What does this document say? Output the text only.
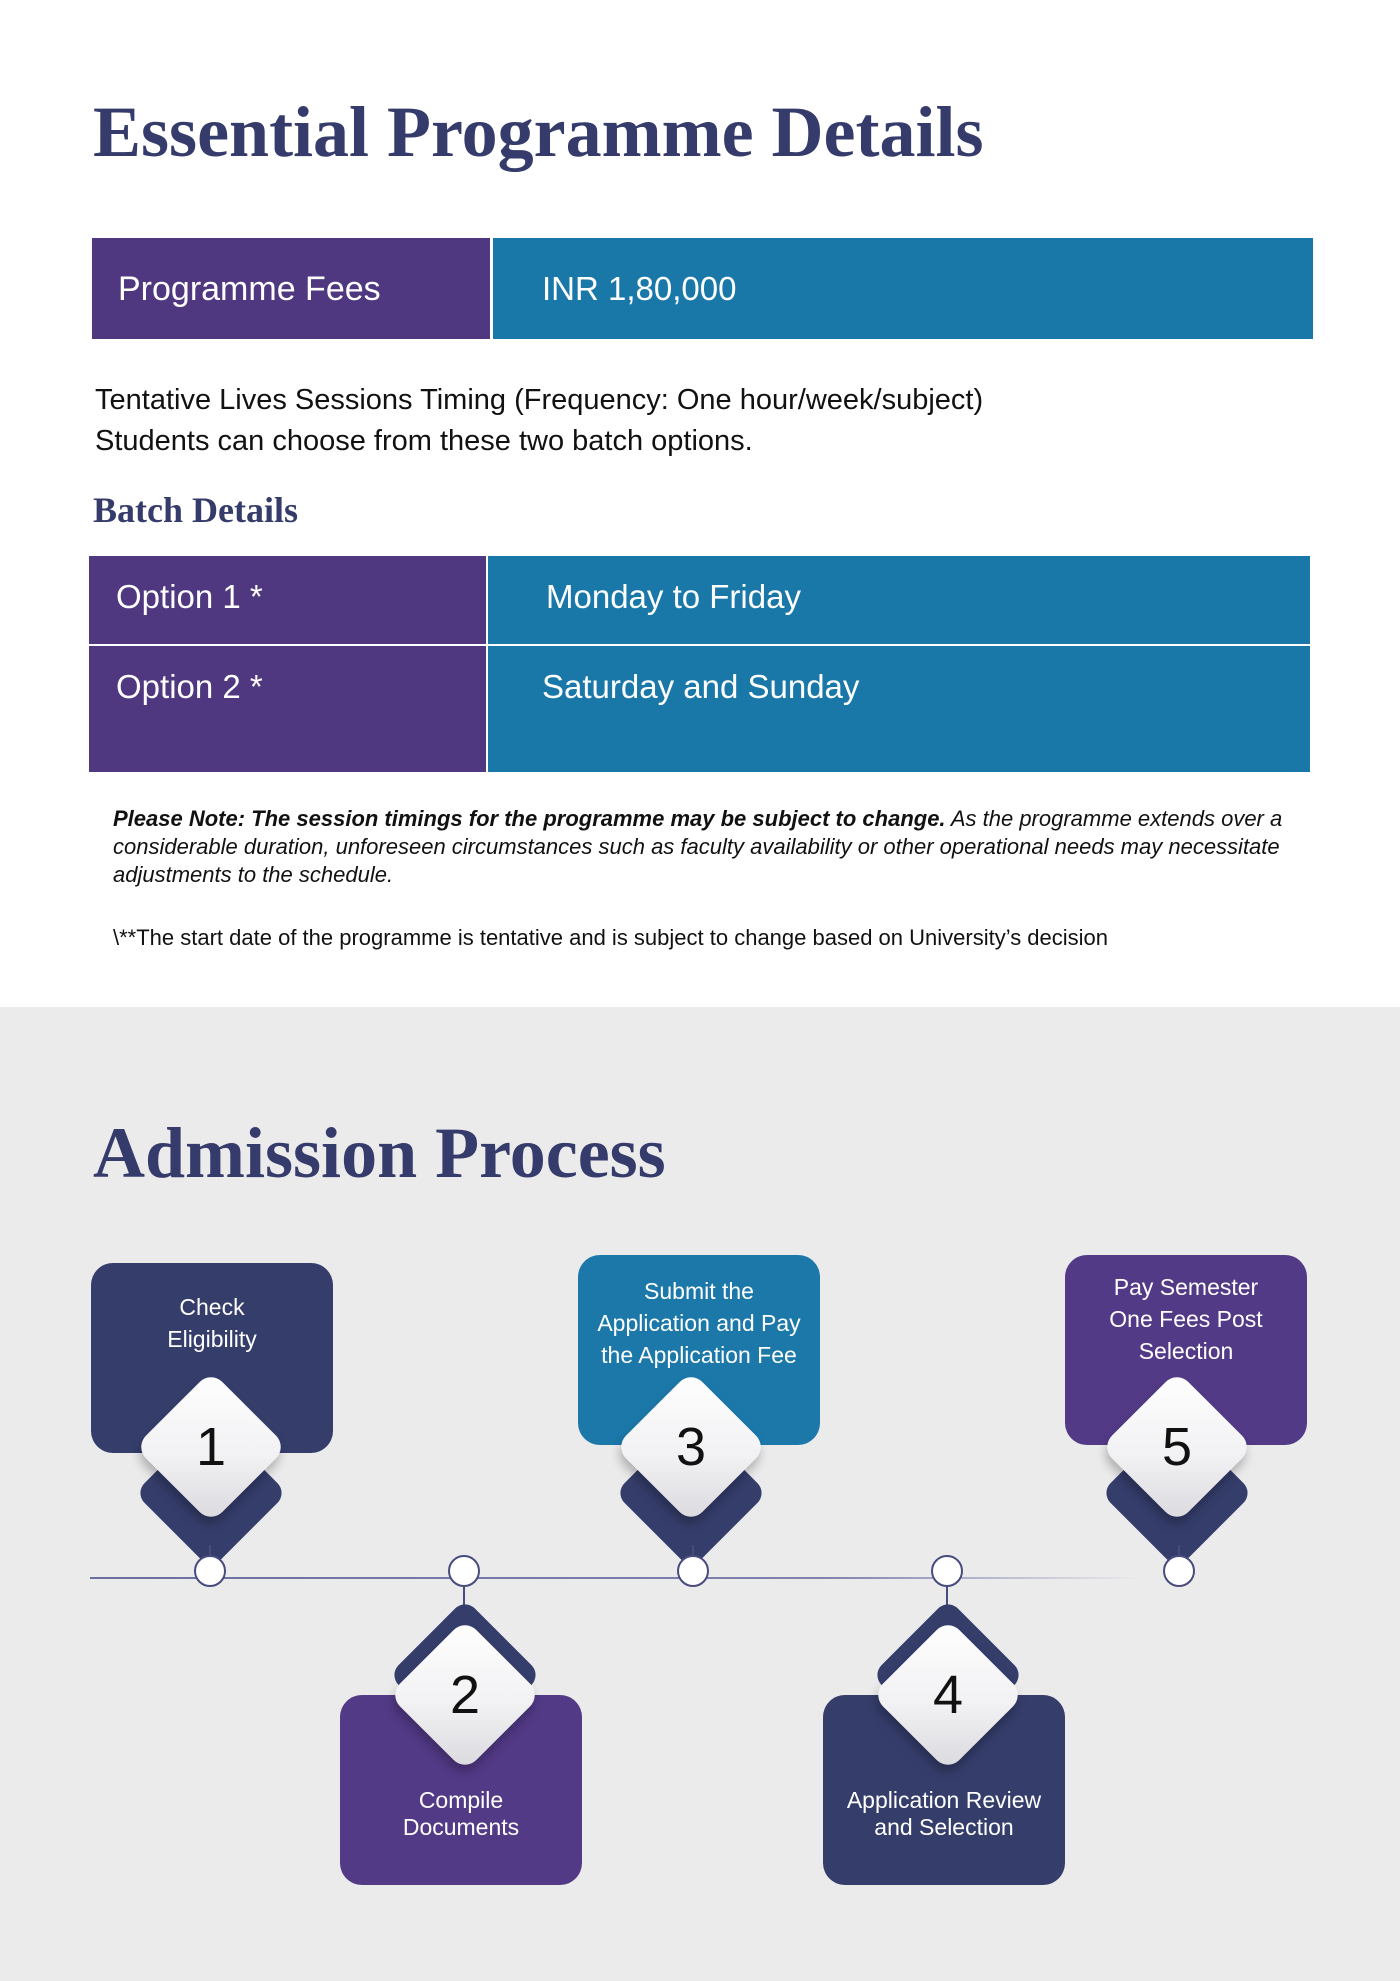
Essential Programme Details
Programme Fees	INR 1,80,000
Tentative Lives Sessions Timing (Frequency: One hour/week/subject)
Students can choose from these two batch options.
Batch Details
Option 1 *	Monday to Friday
Option 2 *	Saturday and Sunday
Please Note: The session timings for the programme may be subject to change. As the programme extends over a considerable duration, unforeseen circumstances such as faculty availability or other operational needs may necessitate adjustments to the schedule.
\**The start date of the programme is tentative and is subject to change based on University’s decision
Admission Process
Check
Eligibility
1
Compile
Documents
2
Submit the
Application and Pay
the Application Fee
3
Application Review
and Selection
4
Pay Semester
One Fees Post
Selection
5
